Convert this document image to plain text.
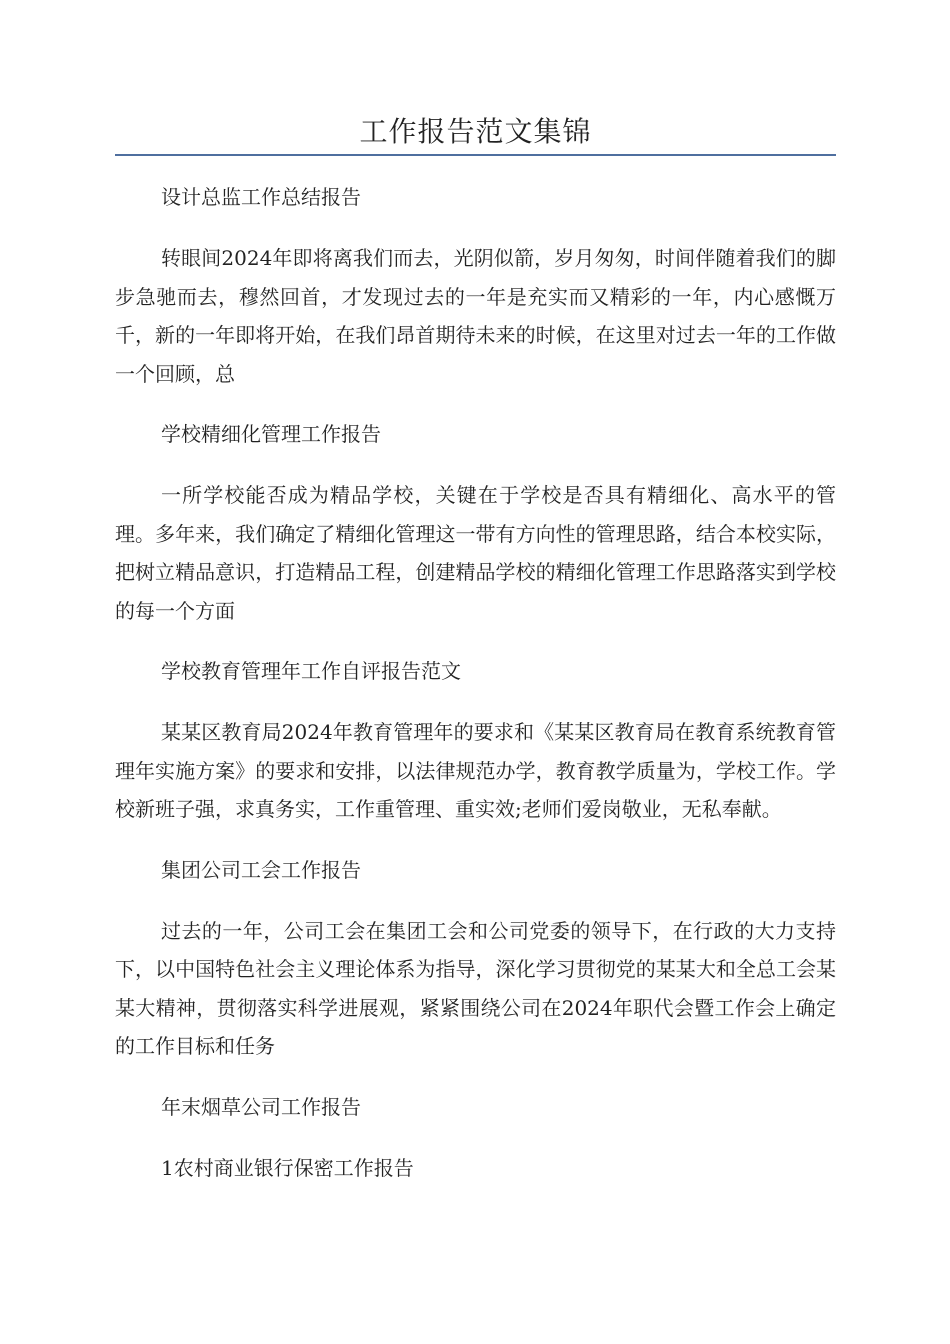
工作报告范文集锦

设计总监工作总结报告

转眼间2024年即将离我们而去，光阴似箭，岁月匆匆，时间伴随着我们的脚步急驰而去，穆然回首，才发现过去的一年是充实而又精彩的一年，内心感慨万千，新的一年即将开始，在我们昂首期待未来的时候，在这里对过去一年的工作做一个回顾，总

学校精细化管理工作报告

一所学校能否成为精品学校，关键在于学校是否具有精细化、高水平的管理。多年来，我们确定了精细化管理这一带有方向性的管理思路，结合本校实际，把树立精品意识，打造精品工程，创建精品学校的精细化管理工作思路落实到学校的每一个方面

学校教育管理年工作自评报告范文

某某区教育局2024年教育管理年的要求和《某某区教育局在教育系统教育管理年实施方案》的要求和安排，以法律规范办学，教育教学质量为，学校工作。学校新班子强，求真务实，工作重管理、重实效;老师们爱岗敬业，无私奉献。

集团公司工会工作报告

过去的一年，公司工会在集团工会和公司党委的领导下，在行政的大力支持下，以中国特色社会主义理论体系为指导，深化学习贯彻党的某某大和全总工会某某大精神，贯彻落实科学进展观，紧紧围绕公司在2024年职代会暨工作会上确定的工作目标和任务

年末烟草公司工作报告

1农村商业银行保密工作报告
